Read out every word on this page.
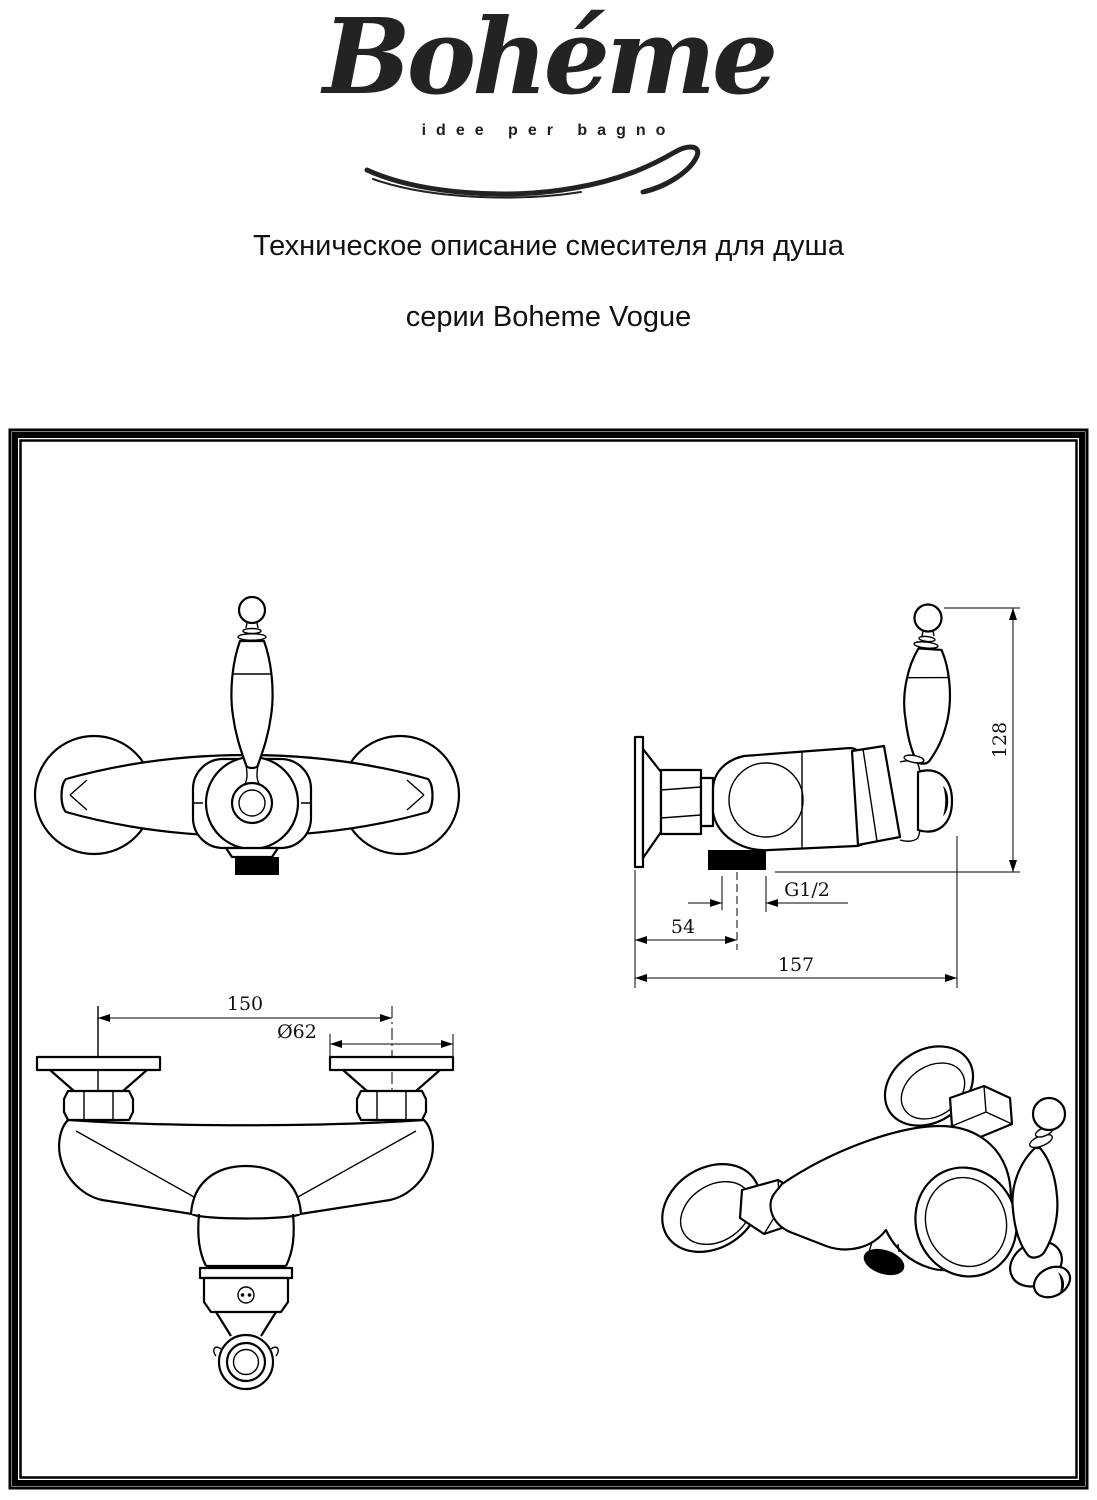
Bohéme
idee per bagno
Техническое описание смесителя для душа
серии Boheme Vogue
128
G1/2
54
157
150
Ø62
